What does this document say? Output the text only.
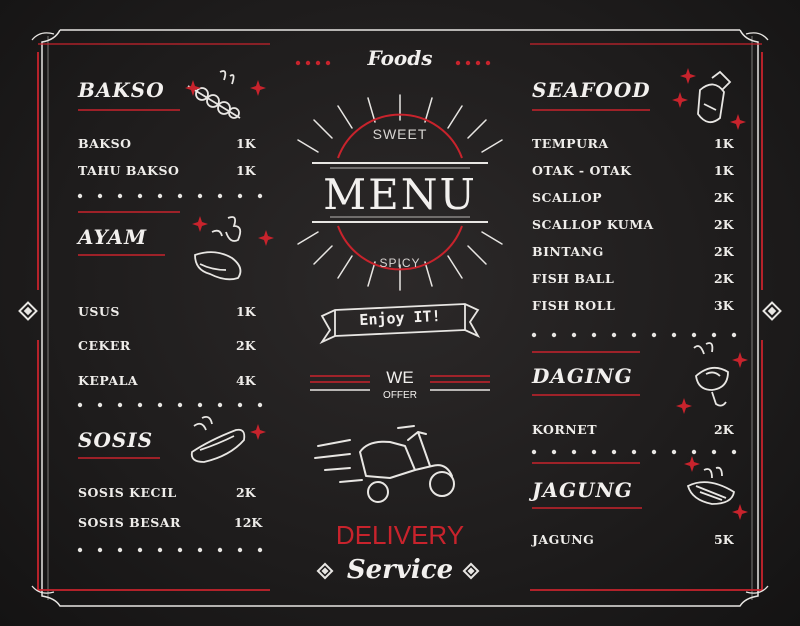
Foods
SWEET
MENU
SPICY
Enjoy IT!
WE
OFFER
DELIVERY
Service
BAKSO
BAKSO	1K
TAHU BAKSO	1K
AYAM
USUS	1K
CEKER	2K
KEPALA	4K
SOSIS
SOSIS KECIL	2K
SOSIS BESAR	12K
SEAFOOD
TEMPURA	1K
OTAK - OTAK	1K
SCALLOP	2K
SCALLOP KUMA	2K
BINTANG	2K
FISH BALL	2K
FISH ROLL	3K
DAGING
KORNET	2K
JAGUNG
JAGUNG	5K
